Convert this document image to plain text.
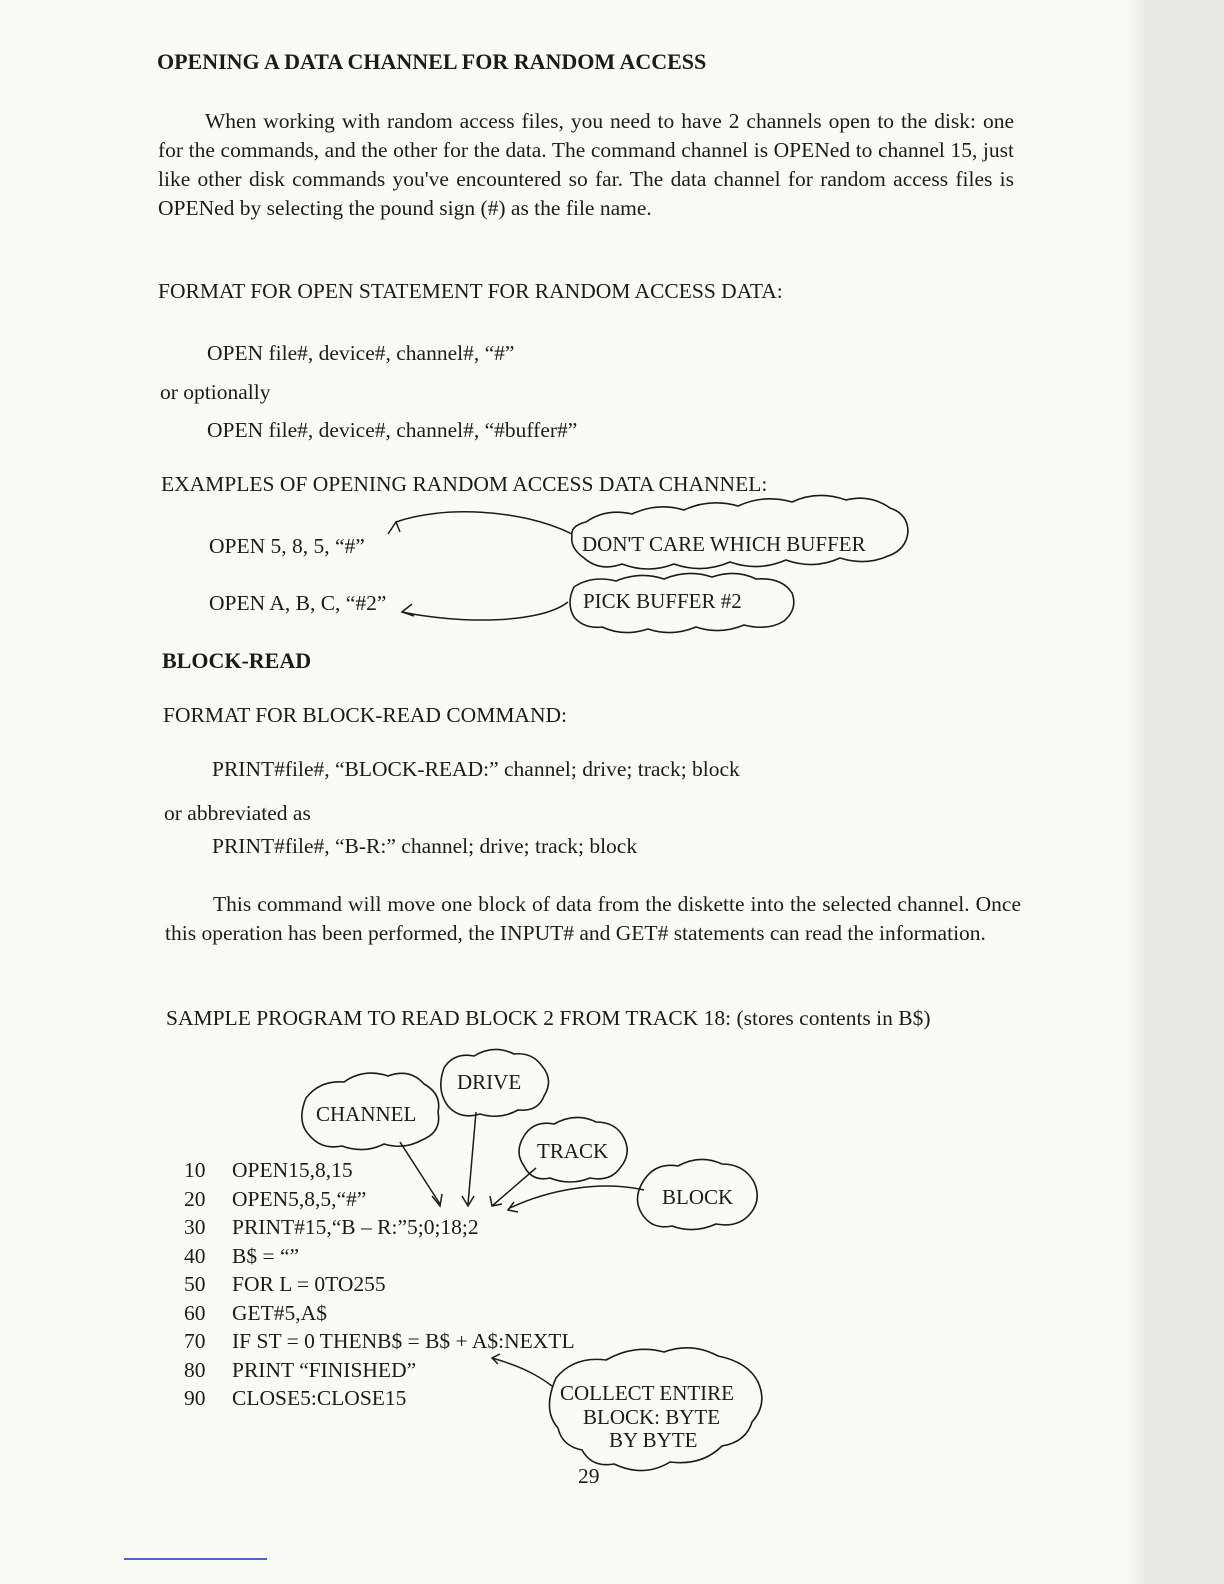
OPENING A DATA CHANNEL FOR RANDOM ACCESS

When working with random access files, you need to have 2 channels open to the disk: one for the commands, and the other for the data. The command channel is OPENed to channel 15, just like other disk commands you've encountered so far. The data channel for random access files is OPENed by selecting the pound sign (#) as the file name.

FORMAT FOR OPEN STATEMENT FOR RANDOM ACCESS DATA:
OPEN file#, device#, channel#, “#”
or optionally
OPEN file#, device#, channel#, “#buffer#”
EXAMPLES OF OPENING RANDOM ACCESS DATA CHANNEL:
OPEN 5, 8, 5, “#”
OPEN A, B, C, “#2”
BLOCK-READ
FORMAT FOR BLOCK-READ COMMAND:
PRINT#file#, “BLOCK-READ:” channel; drive; track; block
or abbreviated as
PRINT#file#, “B-R:” channel; drive; track; block

This command will move one block of data from the diskette into the selected channel. Once this operation has been performed, the INPUT# and GET# statements can read the information.

SAMPLE PROGRAM TO READ BLOCK 2 FROM TRACK 18: (stores contents in B$)

10	OPEN15,8,15
20	OPEN5,8,5,“#”
30	PRINT#15,“B – R:”5;0;18;2
40	B$ = “”
50	FOR L = 0TO255
60	GET#5,A$
70	IF ST = 0 THENB$ = B$ + A$:NEXTL
80	PRINT “FINISHED”
90	CLOSE5:CLOSE15
DON'T CARE WHICH BUFFER
PICK BUFFER #2
CHANNEL
DRIVE
TRACK
BLOCK
COLLECT ENTIRE
BLOCK: BYTE
BY BYTE
29
